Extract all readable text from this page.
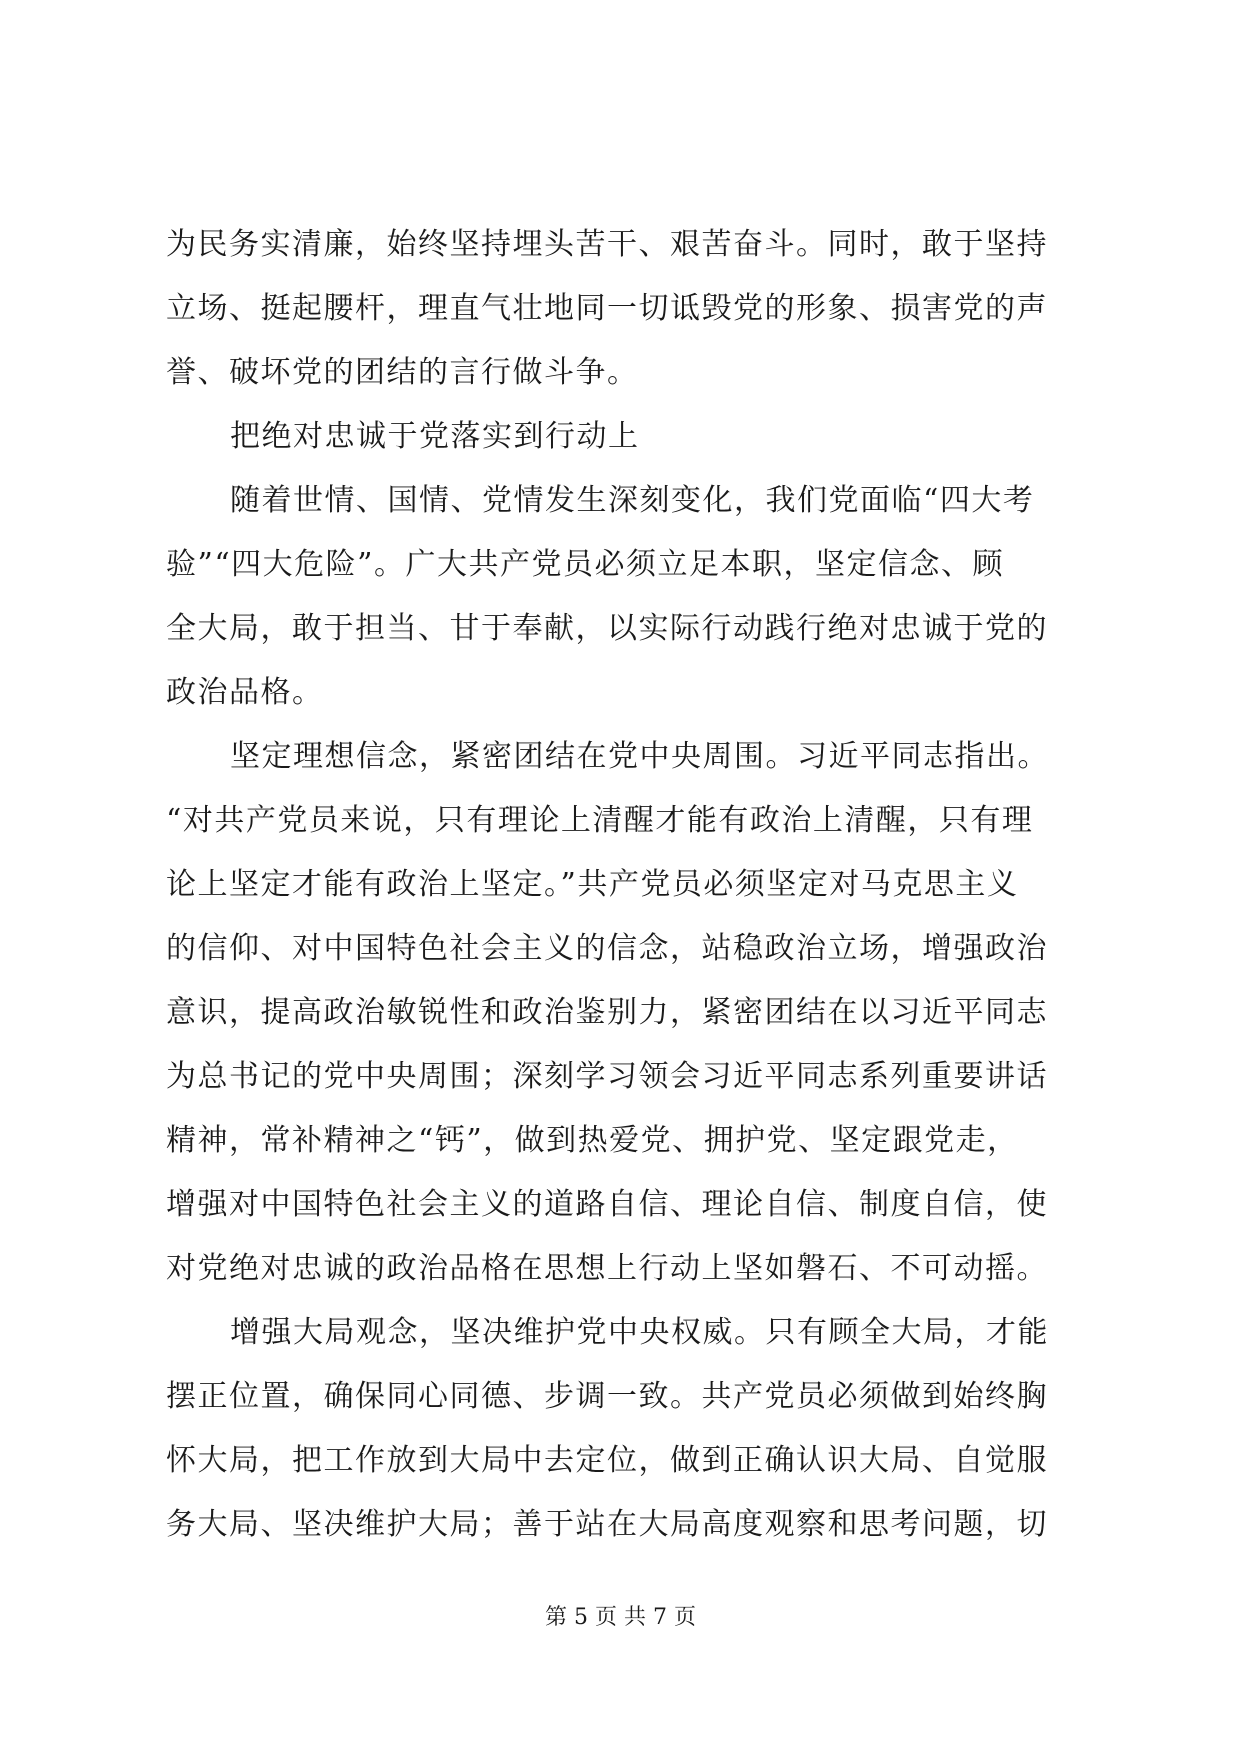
为民务实清廉，始终坚持埋头苦干、艰苦奋斗。同时，敢于坚持
立场、挺起腰杆，理直气壮地同一切诋毁党的形象、损害党的声
誉、破坏党的团结的言行做斗争。
把绝对忠诚于党落实到行动上
随着世情、国情、党情发生深刻变化，我们党面临“四大考
验”“四大危险”。广大共产党员必须立足本职，坚定信念、顾
全大局，敢于担当、甘于奉献，以实际行动践行绝对忠诚于党的
政治品格。
坚定理想信念，紧密团结在党中央周围。习近平同志指出。
“对共产党员来说，只有理论上清醒才能有政治上清醒，只有理
论上坚定才能有政治上坚定。”共产党员必须坚定对马克思主义
的信仰、对中国特色社会主义的信念，站稳政治立场，增强政治
意识，提高政治敏锐性和政治鉴别力，紧密团结在以习近平同志
为总书记的党中央周围；深刻学习领会习近平同志系列重要讲话
精神，常补精神之“钙”，做到热爱党、拥护党、坚定跟党走，
增强对中国特色社会主义的道路自信、理论自信、制度自信，使
对党绝对忠诚的政治品格在思想上行动上坚如磐石、不可动摇。
增强大局观念，坚决维护党中央权威。只有顾全大局，才能
摆正位置，确保同心同德、步调一致。共产党员必须做到始终胸
怀大局，把工作放到大局中去定位，做到正确认识大局、自觉服
务大局、坚决维护大局；善于站在大局高度观察和思考问题，切
第 5 页 共 7 页
